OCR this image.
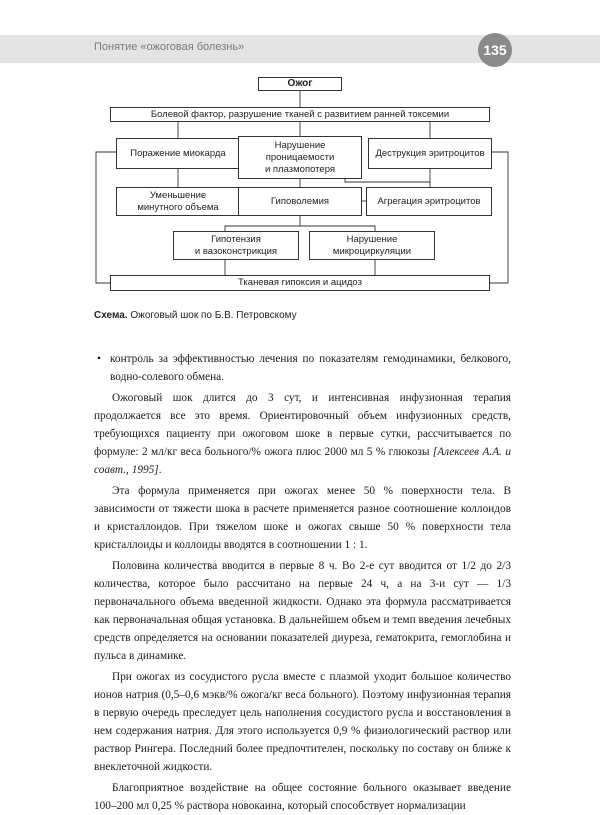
Понятие «ожоговая болезнь»	135
Ожог
Болевой фактор, разрушение тканей с развитием ранней токсемии
Поражение миокарда
Нарушение
проницаемости
и плазмопотеря
Деструкция эритроцитов
Уменьшение
минутного объема
Гиповолемия	Агрегация эритроцитов
Гипотензия
и вазоконстрикция
Нарушение
микроциркуляции
Тканевая гипоксия и ацидоз
Схема. Ожоговый шок по Б.В. Петровскому

• контроль за эффективностью лечения по показателям гемодинамики, белкового, водно-солевого обмена.

Ожоговый шок длится до 3 сут, и интенсивная инфузионная терапия продолжается все это время. Ориентировочный объем инфузионных средств, требующихся пациенту при ожоговом шоке в первые сутки, рассчитывается по формуле: 2 мл/кг веса больного/% ожога плюс 2000 мл 5 % глюкозы [Алексеев А.А. и соавт., 1995].

Эта формула применяется при ожогах менее 50 % поверхности тела. В зависимости от тяжести шока в расчете применяется разное соотношение коллоидов и кристаллоидов. При тяжелом шоке и ожогах свыше 50 % поверхности тела кристаллоиды и коллоиды вводятся в соотношении 1 : 1.

Половина количества вводится в первые 8 ч. Во 2-е сут вводится от 1/2 до 2/3 количества, которое было рассчитано на первые 24 ч, а на 3-и сут — 1/3 первоначального объема введенной жидкости. Однако эта формула рассматривается как первоначальная общая установка. В дальнейшем объем и темп введения лечебных средств определяется на основании показателей диуреза, гематокрита, гемоглобина и пульса в динамике.

При ожогах из сосудистого русла вместе с плазмой уходит большое количество ионов натрия (0,5–0,6 мэкв/% ожога/кг веса больного). Поэтому инфузионная терапия в первую очередь преследует цель наполнения сосудистого русла и восстановления в нем содержания натрия. Для этого используется 0,9 % физиологический раствор или раствор Рингера. Последний более предпочтителен, поскольку по составу он ближе к внеклеточной жидкости.

Благоприятное воздействие на общее состояние больного оказывает введение 100–200 мл 0,25 % раствора новокаина, который способствует нормализации
